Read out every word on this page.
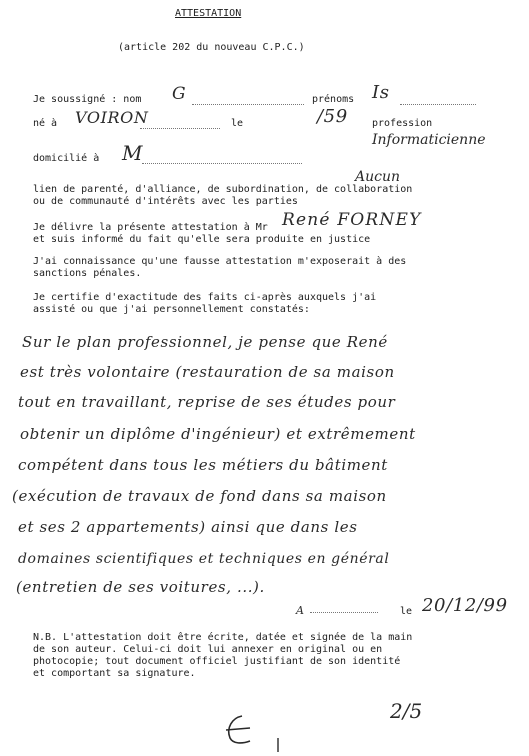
ATTESTATION
(article 202 du nouveau C.P.C.)
Je soussigné : nom G	prénoms Is
né à VOIRON	le	/59 profession
Informaticienne
domicilié à M
Aucun
lien de parenté, d'alliance, de subordination, de collaboration
ou de communauté d'intérêts avec les parties
Je délivre la présente attestation à Mr René FORNEY
et suis informé du fait qu'elle sera produite en justice
J'ai connaissance qu'une fausse attestation m'exposerait à des
sanctions pénales.
Je certifie d'exactitude des faits ci-après auxquels j'ai
assisté ou que j'ai personnellement constatés:
Sur le plan professionnel, je pense que René
est très volontaire (restauration de sa maison
tout en travaillant, reprise de ses études pour
obtenir un diplôme d'ingénieur) et extrêmement
compétent dans tous les métiers du bâtiment
(exécution de travaux de fond dans sa maison
et ses 2 appartements) ainsi que dans les
domaines scientifiques et techniques en général
(entretien de ses voitures, ...).
A	le 20/12/99
N.B. L'attestation doit être écrite, datée et signée de la main
de son auteur. Celui-ci doit lui annexer en original ou en
photocopie; tout document officiel justifiant de son identité
et comportant sa signature.
2/5
